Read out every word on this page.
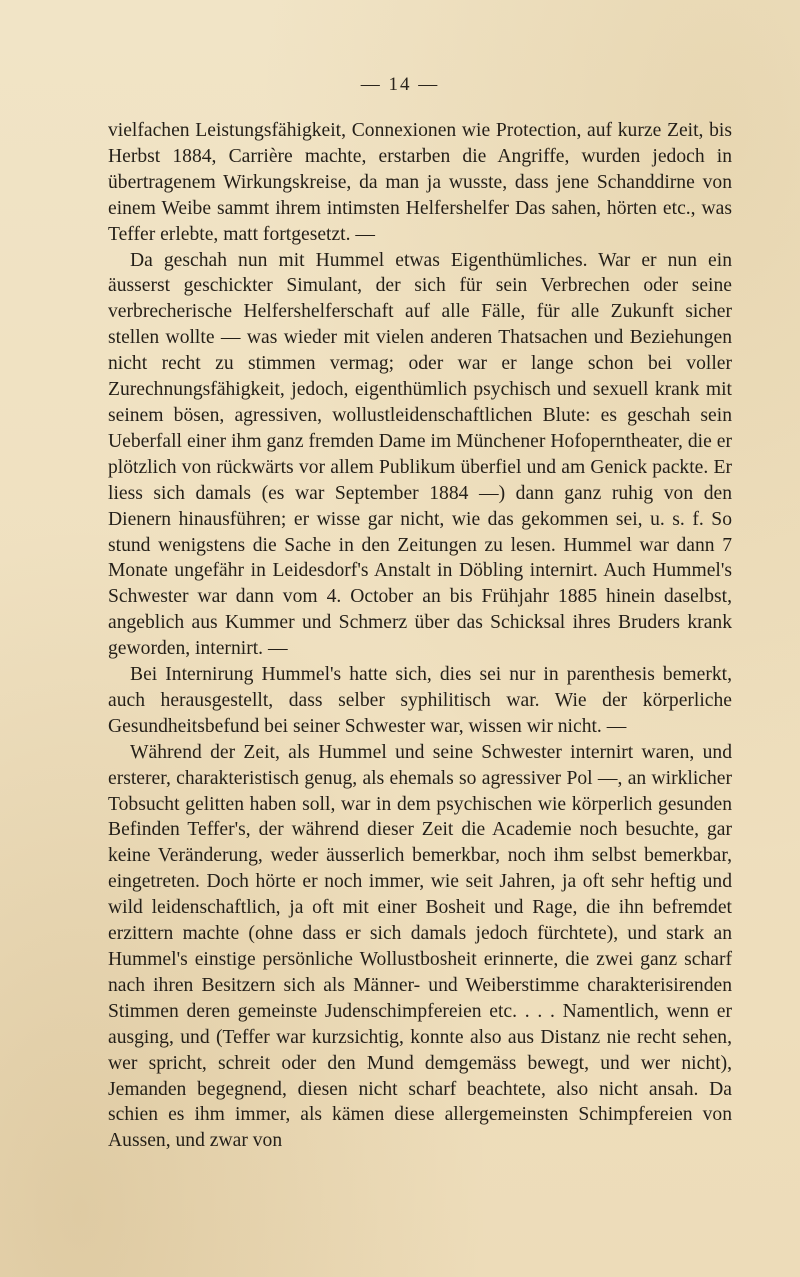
— 14 —

vielfachen Leistungsfähigkeit, Connexionen wie Protection, auf kurze Zeit, bis Herbst 1884, Carrière machte, erstarben die Angriffe, wurden jedoch in übertragenem Wirkungskreise, da man ja wusste, dass jene Schanddirne von einem Weibe sammt ihrem intimsten Helfershelfer Das sahen, hörten etc., was Teffer erlebte, matt fortgesetzt. —

Da geschah nun mit Hummel etwas Eigenthümliches. War er nun ein äusserst geschickter Simulant, der sich für sein Verbrechen oder seine verbrecherische Helfershelferschaft auf alle Fälle, für alle Zukunft sicher stellen wollte — was wieder mit vielen anderen Thatsachen und Beziehungen nicht recht zu stimmen vermag; oder war er lange schon bei voller Zurechnungsfähigkeit, jedoch, eigenthümlich psychisch und sexuell krank mit seinem bösen, agressiven, wollustleidenschaftlichen Blute: es geschah sein Ueberfall einer ihm ganz fremden Dame im Münchener Hofoperntheater, die er plötzlich von rückwärts vor allem Publikum überfiel und am Genick packte. Er liess sich damals (es war September 1884 —) dann ganz ruhig von den Dienern hinausführen; er wisse gar nicht, wie das gekommen sei, u. s. f. So stund wenigstens die Sache in den Zeitungen zu lesen. Hummel war dann 7 Monate ungefähr in Leidesdorf's Anstalt in Döbling internirt. Auch Hummel's Schwester war dann vom 4. October an bis Frühjahr 1885 hinein daselbst, angeblich aus Kummer und Schmerz über das Schicksal ihres Bruders krank geworden, internirt. —

Bei Internirung Hummel's hatte sich, dies sei nur in parenthesis bemerkt, auch herausgestellt, dass selber syphilitisch war. Wie der körperliche Gesundheitsbefund bei seiner Schwester war, wissen wir nicht. —

Während der Zeit, als Hummel und seine Schwester internirt waren, und ersterer, charakteristisch genug, als ehemals so agressiver Pol —, an wirklicher Tobsucht gelitten haben soll, war in dem psychischen wie körperlich gesunden Befinden Teffer's, der während dieser Zeit die Academie noch besuchte, gar keine Veränderung, weder äusserlich bemerkbar, noch ihm selbst bemerkbar, eingetreten. Doch hörte er noch immer, wie seit Jahren, ja oft sehr heftig und wild leidenschaftlich, ja oft mit einer Bosheit und Rage, die ihn befremdet erzittern machte (ohne dass er sich damals jedoch fürchtete), und stark an Hummel's einstige persönliche Wollustbosheit erinnerte, die zwei ganz scharf nach ihren Besitzern sich als Männer- und Weiberstimme charakterisirenden Stimmen deren gemeinste Judenschimpfereien etc. . . . Namentlich, wenn er ausging, und (Teffer war kurzsichtig, konnte also aus Distanz nie recht sehen, wer spricht, schreit oder den Mund demgemäss bewegt, und wer nicht), Jemanden begegnend, diesen nicht scharf beachtete, also nicht ansah. Da schien es ihm immer, als kämen diese allergemeinsten Schimpfereien von Aussen, und zwar von
